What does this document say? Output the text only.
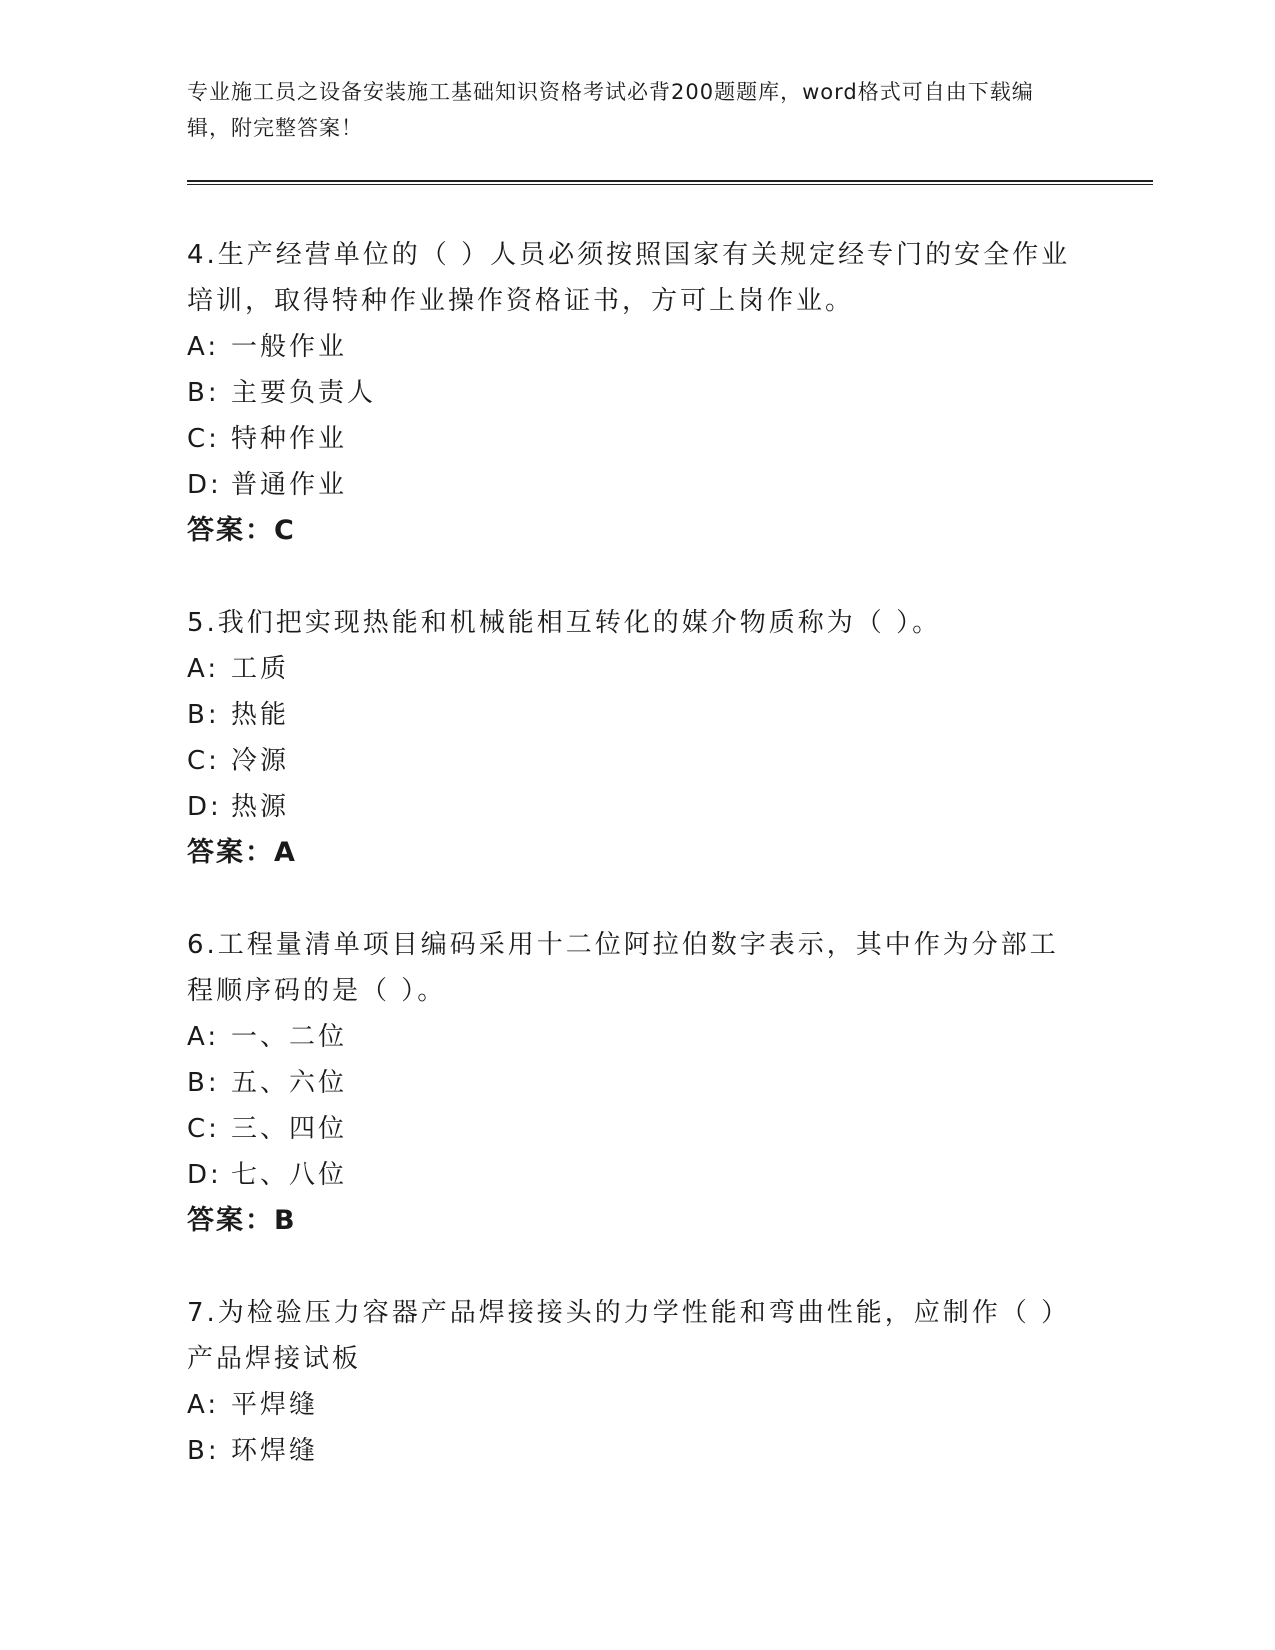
专业施工员之设备安装施工基础知识资格考试必背200题题库，word格式可自由下载编辑，附完整答案！
4.生产经营单位的（ ）人员必须按照国家有关规定经专门的安全作业培训，取得特种作业操作资格证书，方可上岗作业。
A: 一般作业
B: 主要负责人
C: 特种作业
D: 普通作业
答案：C
5.我们把实现热能和机械能相互转化的媒介物质称为（ ）。
A: 工质
B: 热能
C: 冷源
D: 热源
答案：A
6.工程量清单项目编码采用十二位阿拉伯数字表示，其中作为分部工程顺序码的是（ ）。
A: 一、二位
B: 五、六位
C: 三、四位
D: 七、八位
答案：B
7.为检验压力容器产品焊接接头的力学性能和弯曲性能，应制作（ ）产品焊接试板
A: 平焊缝
B: 环焊缝
